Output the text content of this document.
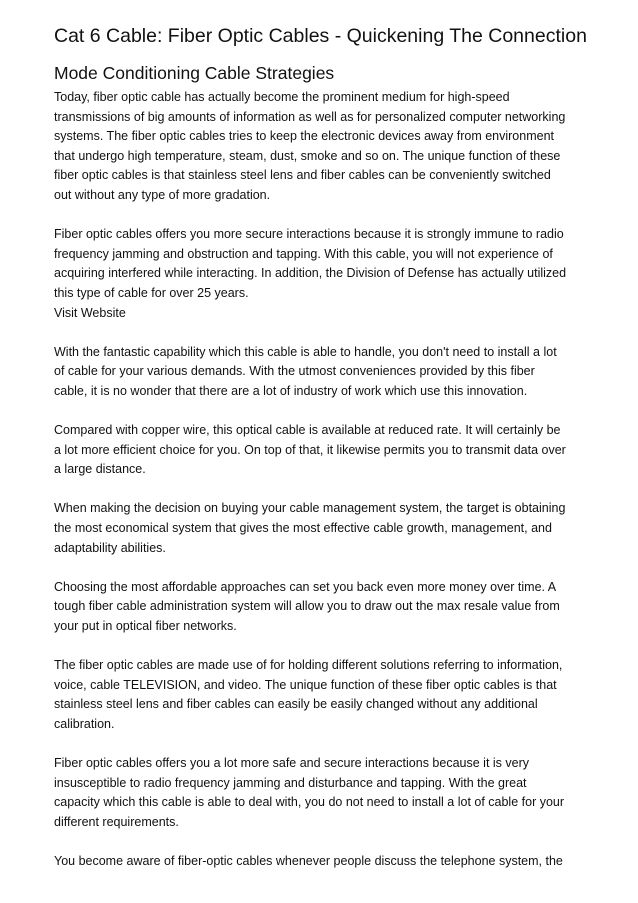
Cat 6 Cable: Fiber Optic Cables - Quickening The Connection
Mode Conditioning Cable Strategies
Today, fiber optic cable has actually become the prominent medium for high-speed
transmissions of big amounts of information as well as for personalized computer networking
systems. The fiber optic cables tries to keep the electronic devices away from environment
that undergo high temperature, steam, dust, smoke and so on. The unique function of these
fiber optic cables is that stainless steel lens and fiber cables can be conveniently switched
out without any type of more gradation.
Fiber optic cables offers you more secure interactions because it is strongly immune to radio
frequency jamming and obstruction and tapping. With this cable, you will not experience of
acquiring interfered while interacting. In addition, the Division of Defense has actually utilized
this type of cable for over 25 years.
Visit Website
With the fantastic capability which this cable is able to handle, you don't need to install a lot
of cable for your various demands. With the utmost conveniences provided by this fiber
cable, it is no wonder that there are a lot of industry of work which use this innovation.
Compared with copper wire, this optical cable is available at reduced rate. It will certainly be
a lot more efficient choice for you. On top of that, it likewise permits you to transmit data over
a large distance.
When making the decision on buying your cable management system, the target is obtaining
the most economical system that gives the most effective cable growth, management, and
adaptability abilities.
Choosing the most affordable approaches can set you back even more money over time. A
tough fiber cable administration system will allow you to draw out the max resale value from
your put in optical fiber networks.
The fiber optic cables are made use of for holding different solutions referring to information,
voice, cable TELEVISION, and video. The unique function of these fiber optic cables is that
stainless steel lens and fiber cables can easily be easily changed without any additional
calibration.
Fiber optic cables offers you a lot more safe and secure interactions because it is very
insusceptible to radio frequency jamming and disturbance and tapping. With the great
capacity which this cable is able to deal with, you do not need to install a lot of cable for your
different requirements.
You become aware of fiber-optic cables whenever people discuss the telephone system, the
